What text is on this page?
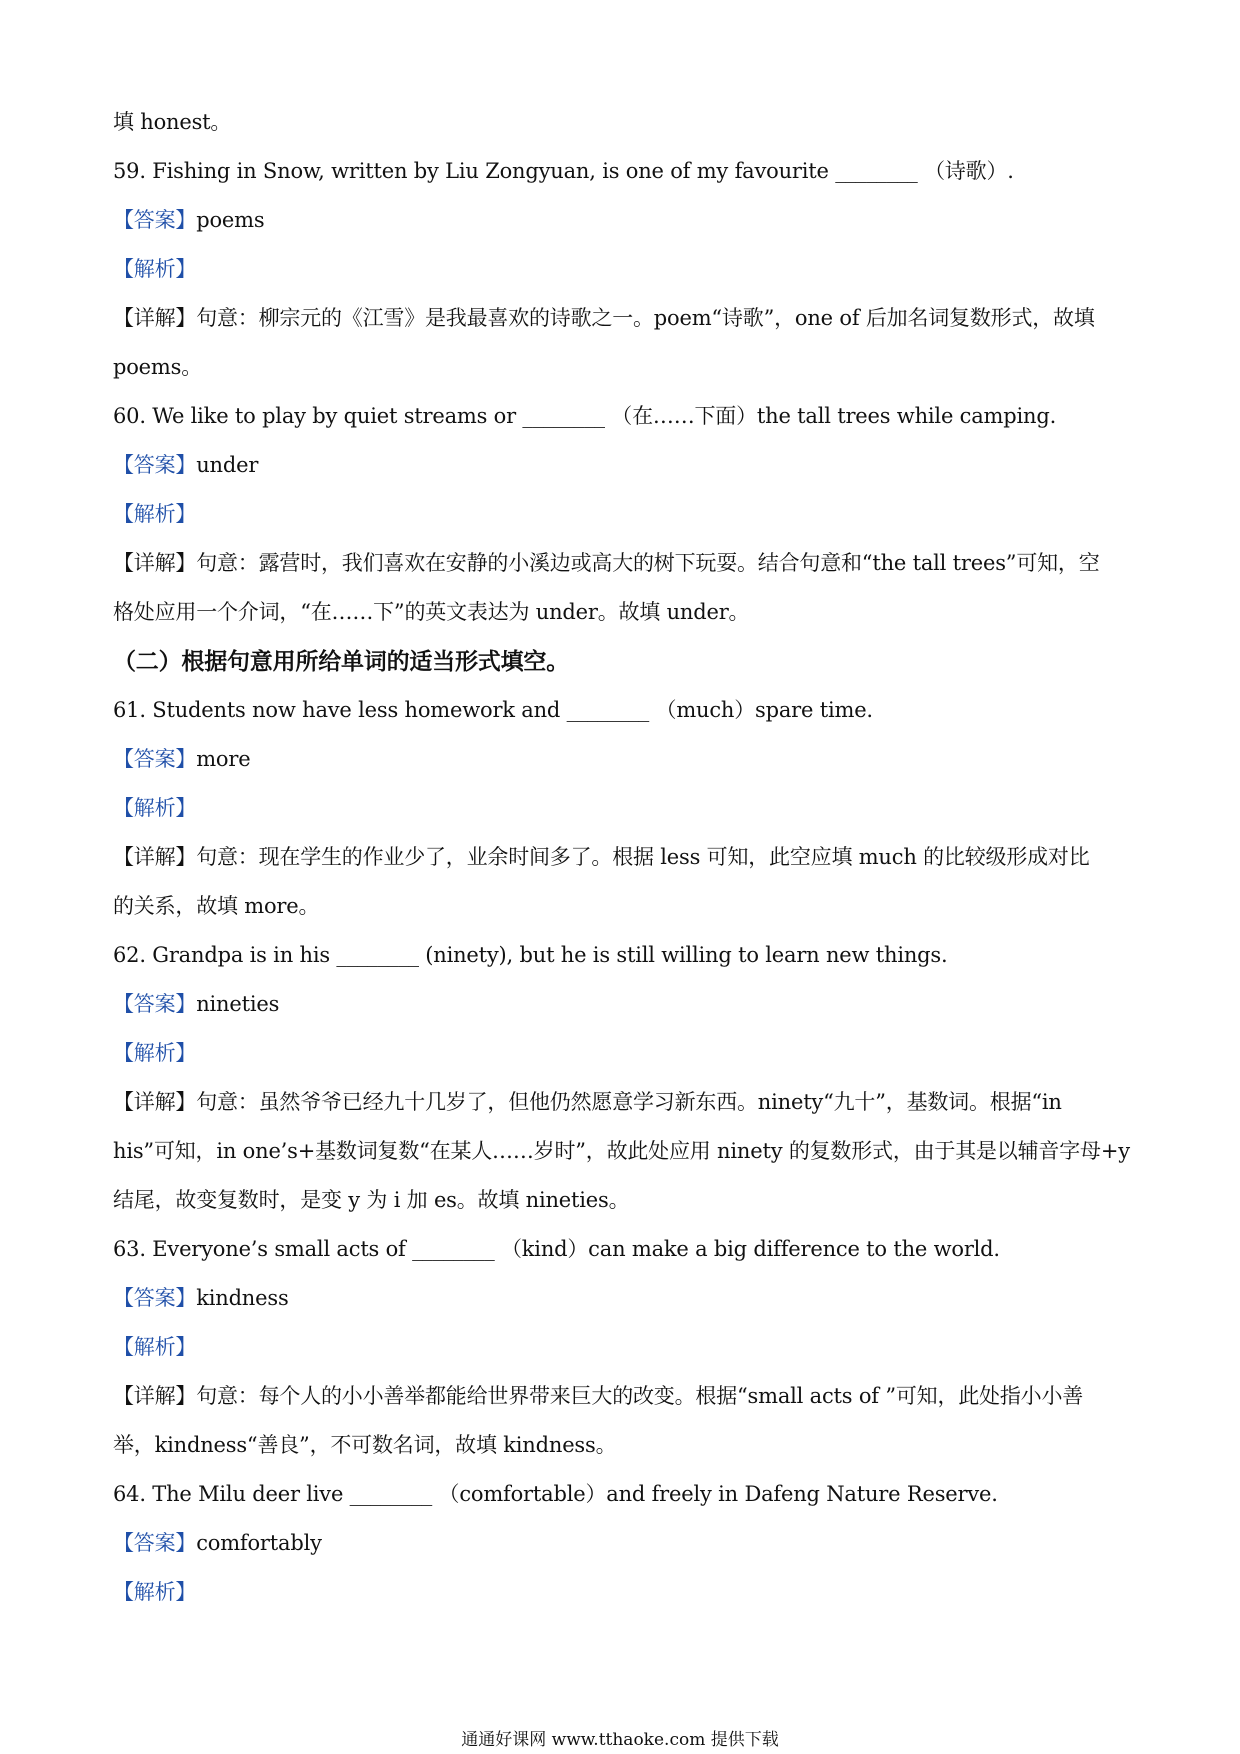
填 honest。
59. Fishing in Snow, written by Liu Zongyuan, is one of my favourite ________ （诗歌）.
【答案】poems
【解析】
【详解】句意：柳宗元的《江雪》是我最喜欢的诗歌之一。poem“诗歌”，one of 后加名词复数形式，故填
poems。
60. We like to play by quiet streams or ________ （在……下面）the tall trees while camping.
【答案】under
【解析】
【详解】句意：露营时，我们喜欢在安静的小溪边或高大的树下玩耍。结合句意和“the tall trees”可知，空
格处应用一个介词，“在……下”的英文表达为 under。故填 under。
（二）根据句意用所给单词的适当形式填空。
61. Students now have less homework and ________ （much）spare time.
【答案】more
【解析】
【详解】句意：现在学生的作业少了，业余时间多了。根据 less 可知，此空应填 much 的比较级形成对比
的关系，故填 more。
62. Grandpa is in his ________ (ninety), but he is still willing to learn new things.
【答案】nineties
【解析】
【详解】句意：虽然爷爷已经九十几岁了，但他仍然愿意学习新东西。ninety“九十”，基数词。根据“in
his”可知，in one’s+基数词复数“在某人……岁时”，故此处应用 ninety 的复数形式，由于其是以辅音字母+y
结尾，故变复数时，是变 y 为 i 加 es。故填 nineties。
63. Everyone’s small acts of ________ （kind）can make a big difference to the world.
【答案】kindness
【解析】
【详解】句意：每个人的小小善举都能给世界带来巨大的改变。根据“small acts of ”可知，此处指小小善
举，kindness“善良”，不可数名词，故填 kindness。
64. The Milu deer live ________ （comfortable）and freely in Dafeng Nature Reserve.
【答案】comfortably
【解析】
通通好课网 www.tthaoke.com 提供下载
